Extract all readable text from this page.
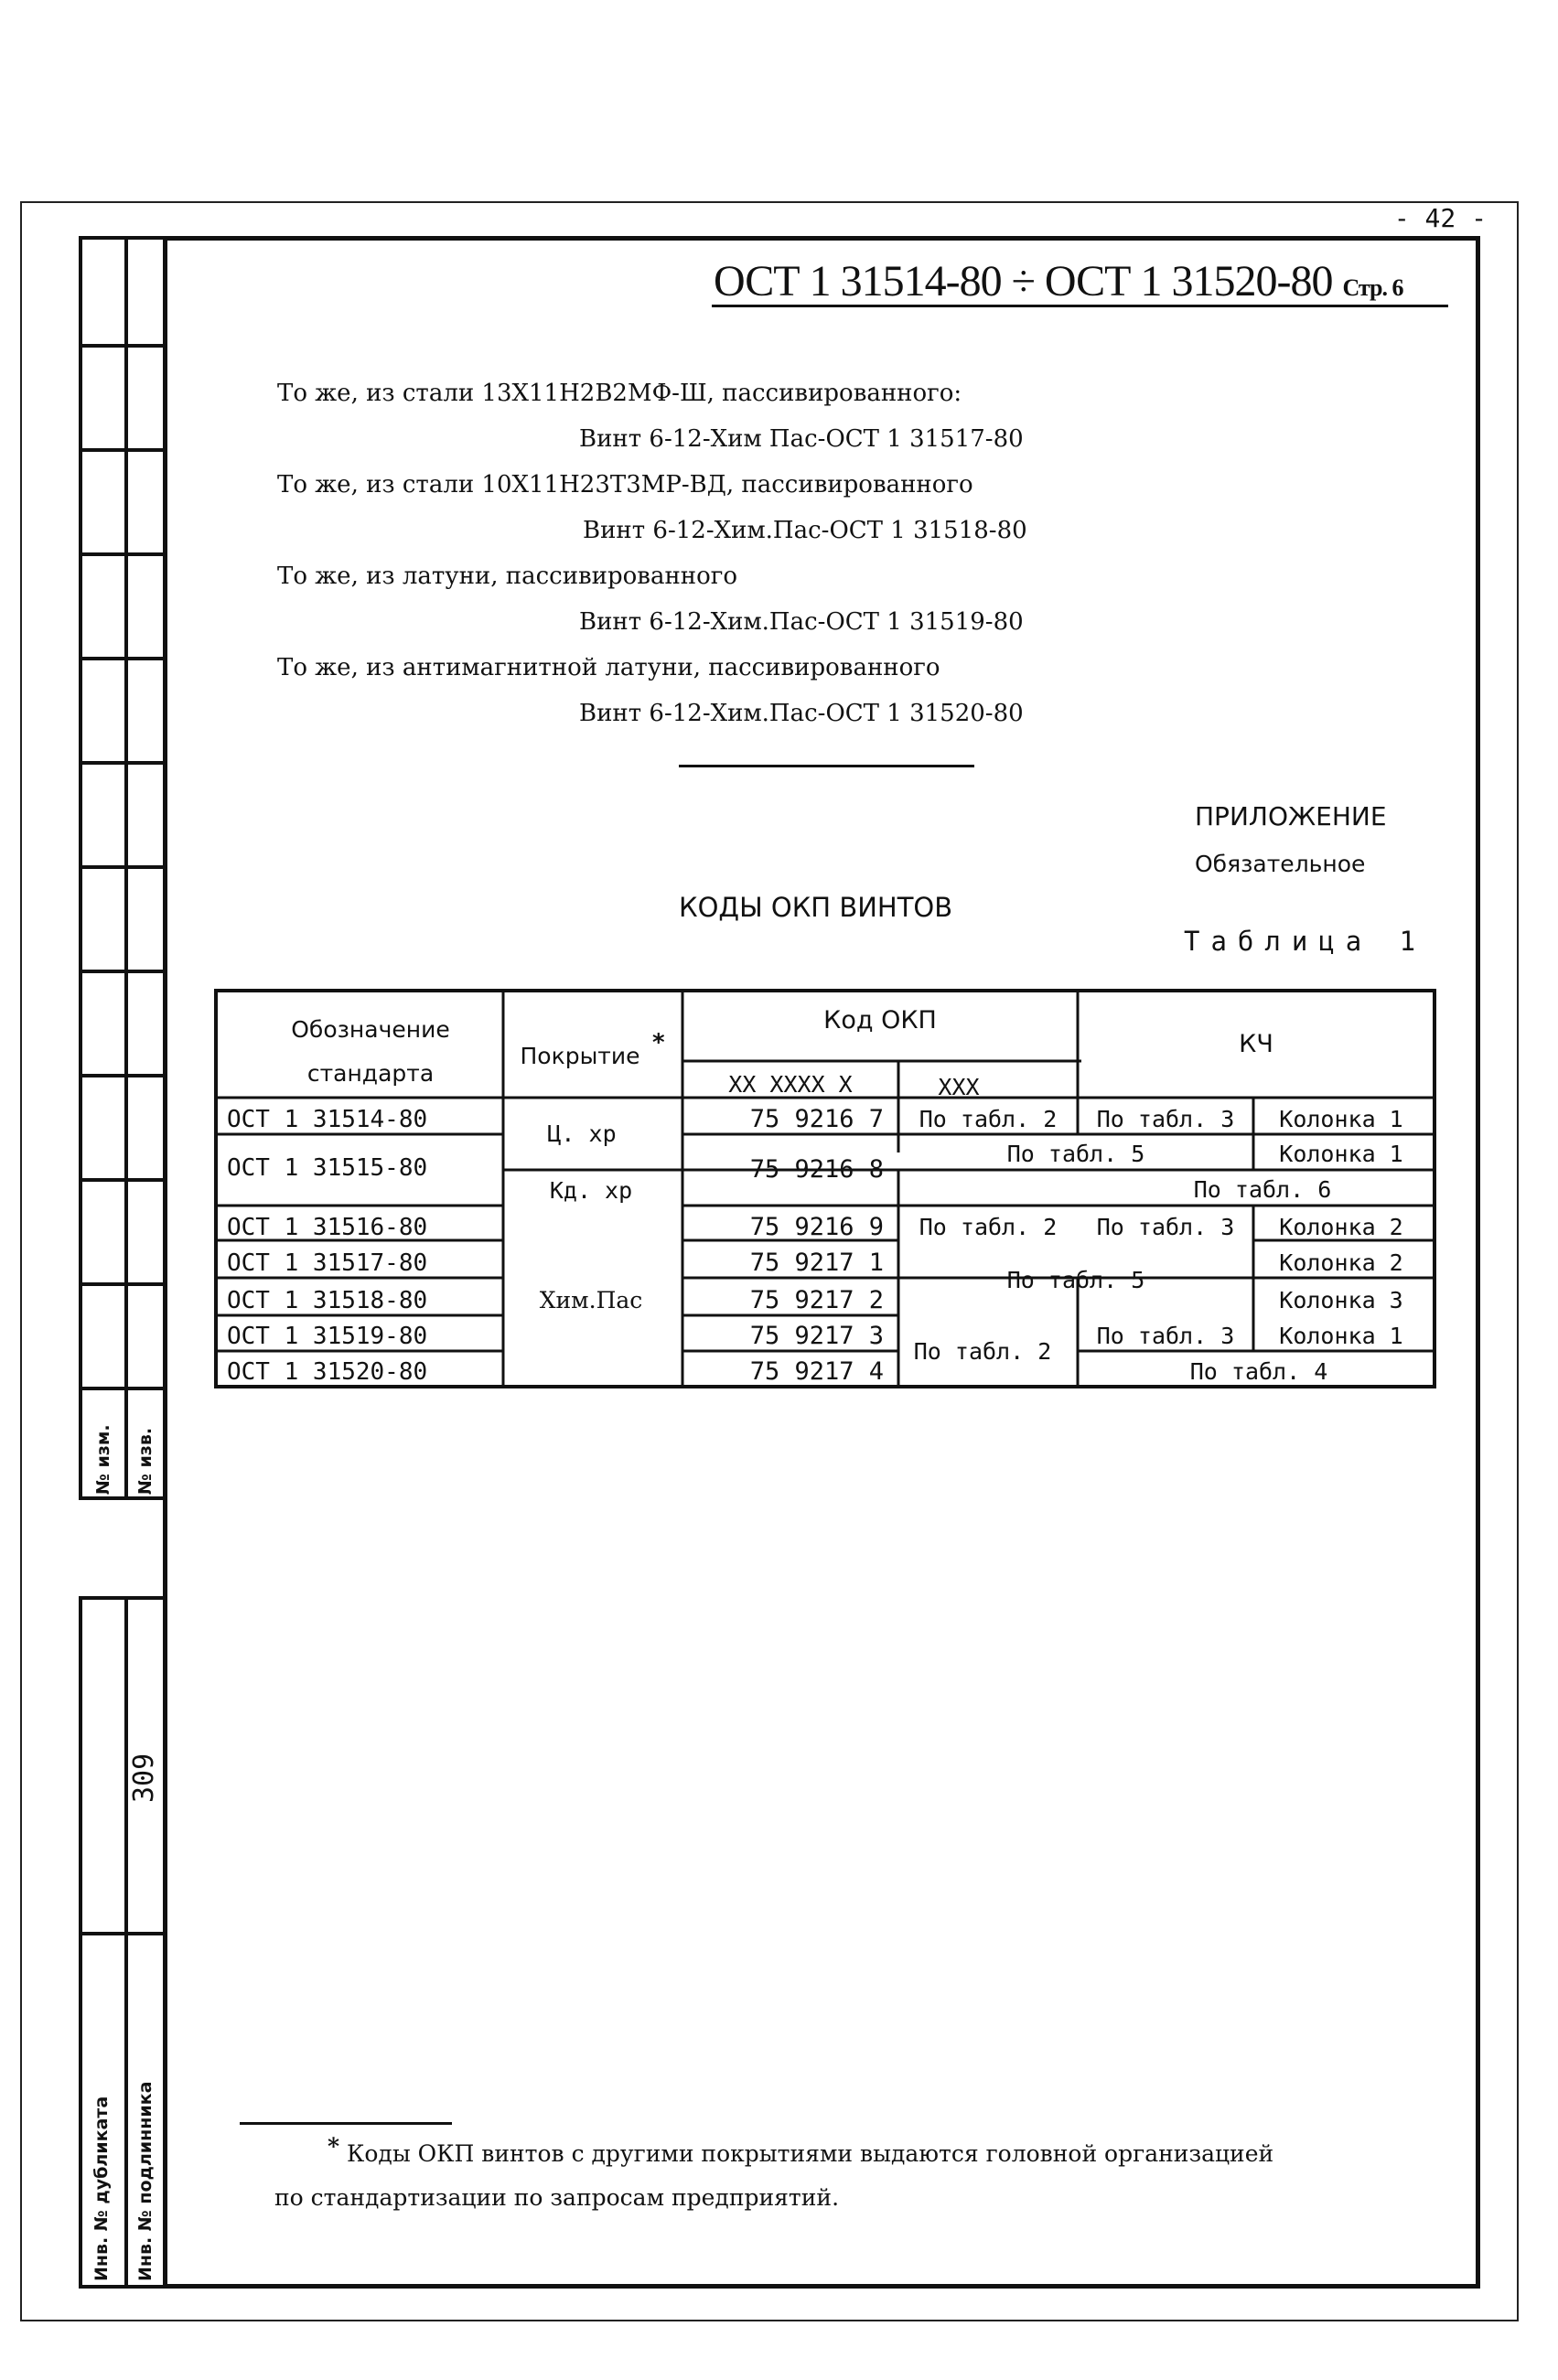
№ изм. № изв.
309
Инв. № дубликата Инв. № подлинника
- 42 -
ОСТ 1 31514-80 ÷ ОСТ 1 31520-80 Стр. 6
То же, из стали 13Х11Н2В2МФ-Ш, пассивированного:
Винт 6-12-Хим Пас-ОСТ 1 31517-80
То же, из стали 10Х11Н23Т3МР-ВД, пассивированного
Винт 6-12-Хим.Пас-ОСТ 1 31518-80
То же, из латуни, пассивированного
Винт 6-12-Хим.Пас-ОСТ 1 31519-80
То же, из антимагнитной латуни, пассивированного
Винт 6-12-Хим.Пас-ОСТ 1 31520-80
ПРИЛОЖЕНИЕ
Обязательное
КОДЫ ОКП ВИНТОВ
Таблица 1
Обозначение
стандарта
Покрытие *
Код ОКП
ХХ ХХХХ Х	ХХХ
КЧ
ОСТ 1 31514-80
ОСТ 1 31515-80
ОСТ 1 31516-80
ОСТ 1 31517-80
ОСТ 1 31518-80
ОСТ 1 31519-80
ОСТ 1 31520-80
Ц. хр
Кд. хр
Хим.Пас
75 9216 7
75 9216 8
75 9216 9
75 9217 1
75 9217 2
75 9217 3
75 9217 4
По табл. 2 По табл. 3 Колонка 1
По табл. 5	Колонка 1
По табл. 6
По табл. 2 По табл. 3 Колонка 2
По табл. 5
Колонка 2
Колонка 3
По табл. 2
По табл. 3 Колонка 1
По табл. 4
* Коды ОКП винтов с другими покрытиями выдаются головной организацией
по стандартизации по запросам предприятий.
